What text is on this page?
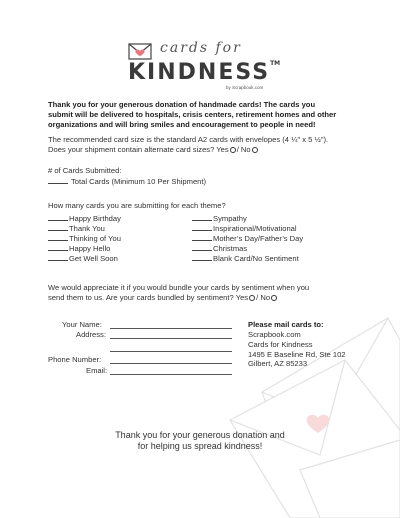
cards for
KINDNESS™
by Scrapbook.com
Thank you for your generous donation of handmade cards! The cards you
submit will be delivered to hospitals, crisis centers, retirement homes and other
organizations and will bring smiles and encouragement to people in need!
The recommended card size is the standard A2 cards with envelopes (4 ¼" x 5 ½").
Does your shipment contain alternate card sizes? Yes / No
# of Cards Submitted:
Total Cards (Minimum 10 Per Shipment)
How many cards you are submitting for each theme?
Happy Birthday
Thank You
Thinking of You
Happy Hello
Get Well Soon
Sympathy
Inspirational/Motivational
Mother’s Day/Father’s Day
Christmas
Blank Card/No Sentiment
We would appreciate it if you would bundle your cards by sentiment when you
send them to us. Are your cards bundled by sentiment? Yes / No
Your Name:
Address:
Phone Number:
Email:
Please mail cards to:
Scrapbook.com
Cards for Kindness
1495 E Baseline Rd, Ste 102
Gilbert, AZ 85233
Thank you for your generous donation and
for helping us spread kindness!
